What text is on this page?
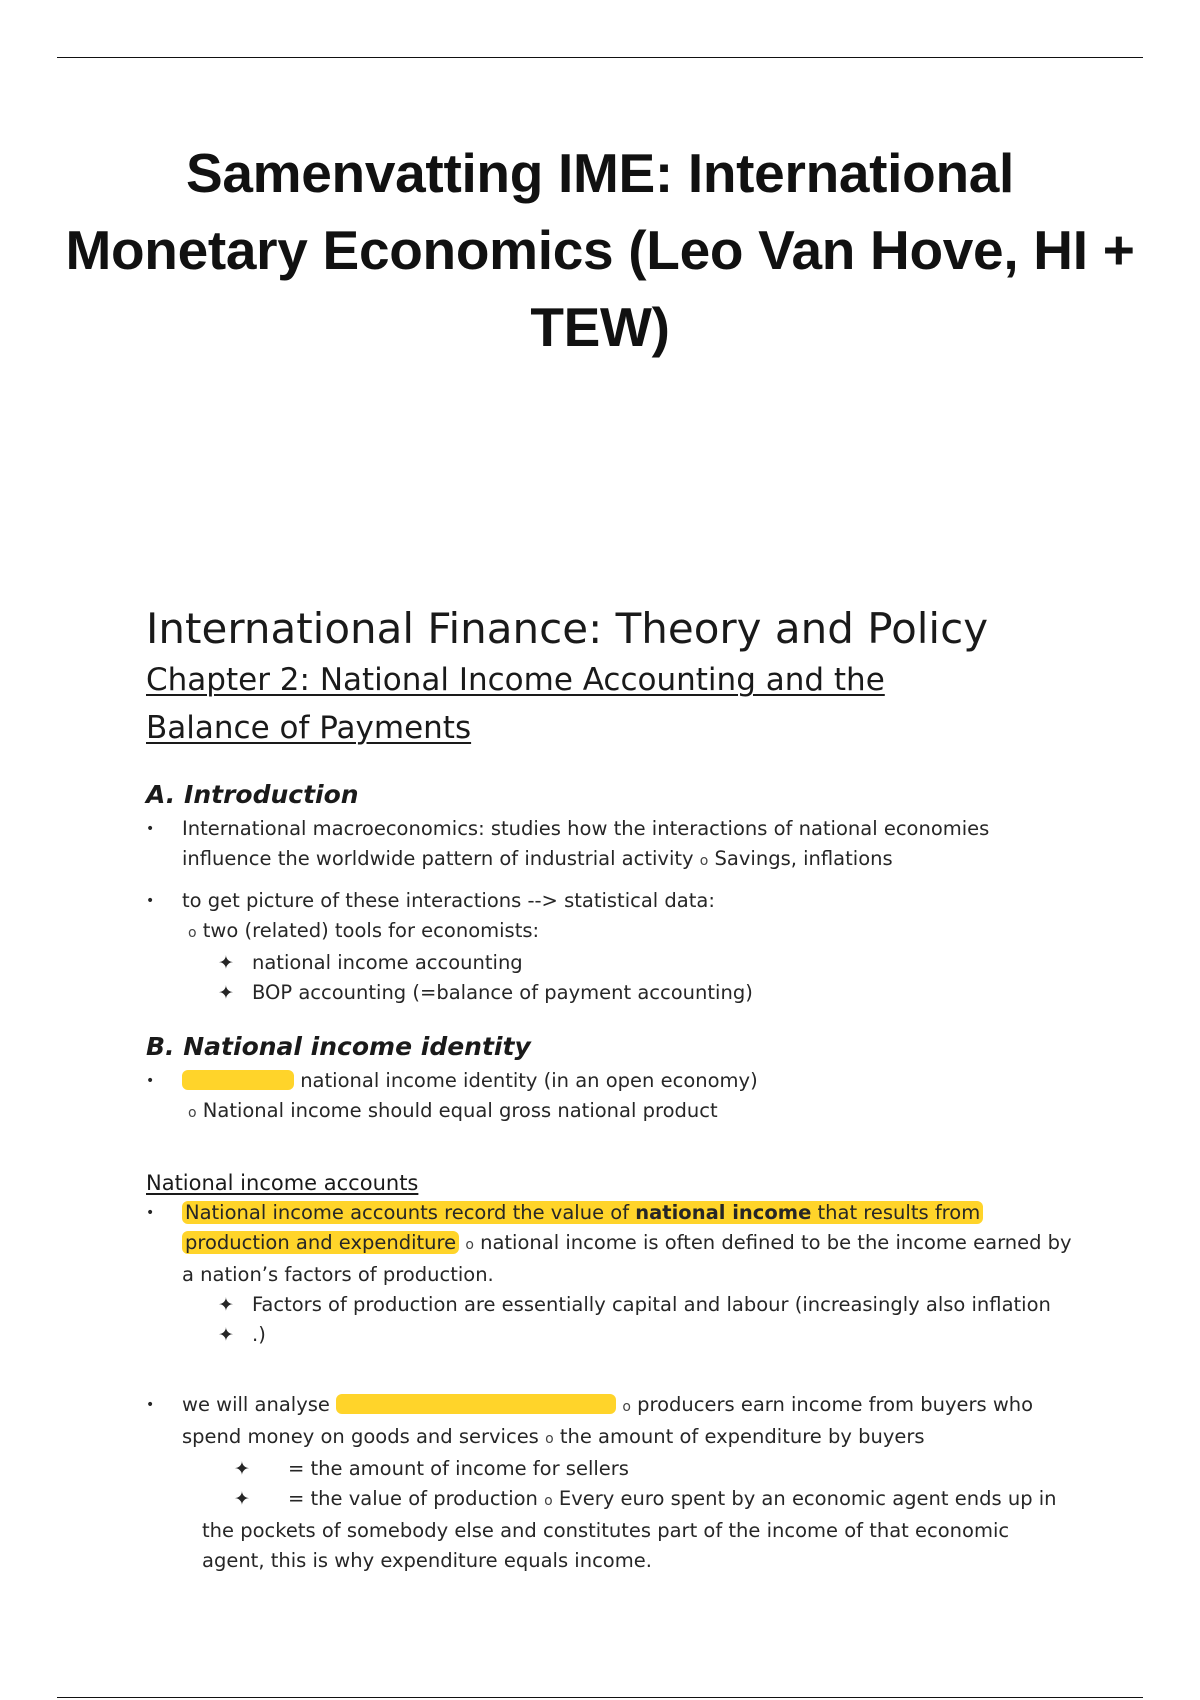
Samenvatting IME: International Monetary Economics (Leo Van Hove, HI + TEW)
International Finance: Theory and Policy
Chapter 2: National Income Accounting and the Balance of Payments
A. Introduction
• International macroeconomics: studies how the interactions of national economies
influence the worldwide pattern of industrial activity o Savings, inflations
• to get picture of these interactions --> statistical data:
o two (related) tools for economists:
✦ national income accounting
✦ BOP accounting (=balance of payment accounting)
B. National income identity
•	national income identity (in an open economy)
o National income should equal gross national product
National income accounts
• National income accounts record the value of national income that results from
production and expenditure o national income is often defined to be the income earned by
a nation’s factors of production.
✦ Factors of production are essentially capital and labour (increasingly also inflation
✦ .)
• we will analyse	o producers earn income from buyers who
spend money on goods and services o the amount of expenditure by buyers
✦ = the amount of income for sellers
✦ = the value of production o Every euro spent by an economic agent ends up in
the pockets of somebody else and constitutes part of the income of that economic
agent, this is why expenditure equals income.
